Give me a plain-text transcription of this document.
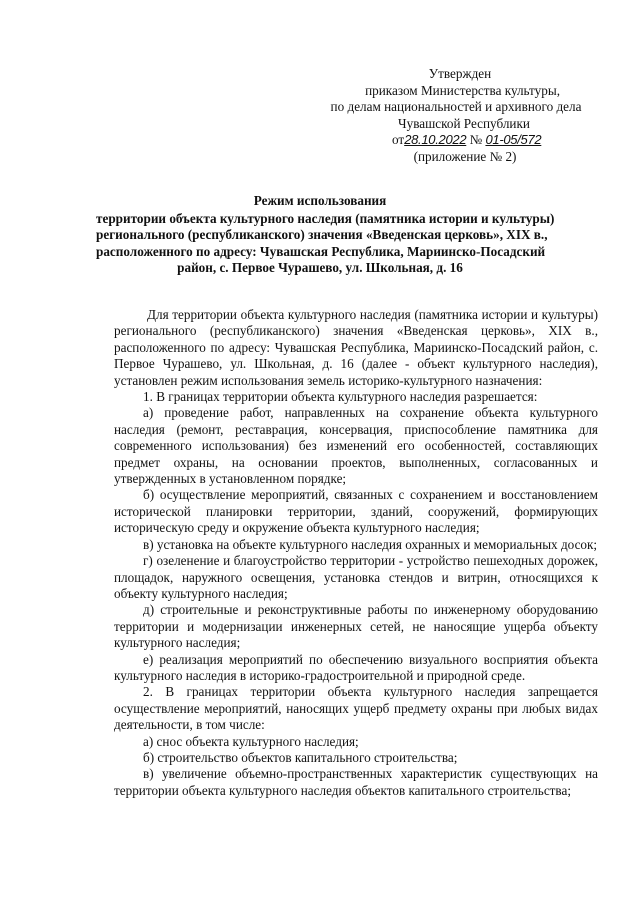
Утвержден
приказом Министерства культуры,
по делам национальностей и архивного дела
Чувашской Республики
от28.10.2022 № 01-05/572
(приложение № 2)
Режим использования
территории объекта культурного наследия (памятника истории и культуры)
регионального (республиканского) значения «Введенская церковь», XIX в.,
расположенного по адресу: Чувашская Республика, Мариинско-Посадский
район, с. Первое Чурашево, ул. Школьная, д. 16

Для территории объекта культурного наследия (памятника истории и культуры) регионального (республиканского) значения «Введенская церковь», XIX в., расположенного по адресу: Чувашская Республика, Мариинско-Посадский район, с. Первое Чурашево, ул. Школьная, д. 16 (далее - объект культурного наследия), установлен режим использования земель историко-культурного назначения:

1. В границах территории объекта культурного наследия разрешается:

а) проведение работ, направленных на сохранение объекта культурного наследия (ремонт, реставрация, консервация, приспособление памятника для современного использования) без изменений его особенностей, составляющих предмет охраны, на основании проектов, выполненных, согласованных и утвержденных в установленном порядке;

б) осуществление мероприятий, связанных с сохранением и восстановлением исторической планировки территории, зданий, сооружений, формирующих историческую среду и окружение объекта культурного наследия;

в) установка на объекте культурного наследия охранных и мемориальных досок;

г) озеленение и благоустройство территории - устройство пешеходных дорожек, площадок, наружного освещения, установка стендов и витрин, относящихся к объекту культурного наследия;

д) строительные и реконструктивные работы по инженерному оборудованию территории и модернизации инженерных сетей, не наносящие ущерба объекту культурного наследия;

е) реализация мероприятий по обеспечению визуального восприятия объекта культурного наследия в историко-градостроительной и природной среде.

2. В границах территории объекта культурного наследия запрещается осуществление мероприятий, наносящих ущерб предмету охраны при любых видах деятельности, в том числе:

а) снос объекта культурного наследия;

б) строительство объектов капитального строительства;

в) увеличение объемно-пространственных характеристик существующих на территории объекта культурного наследия объектов капитального строительства;
